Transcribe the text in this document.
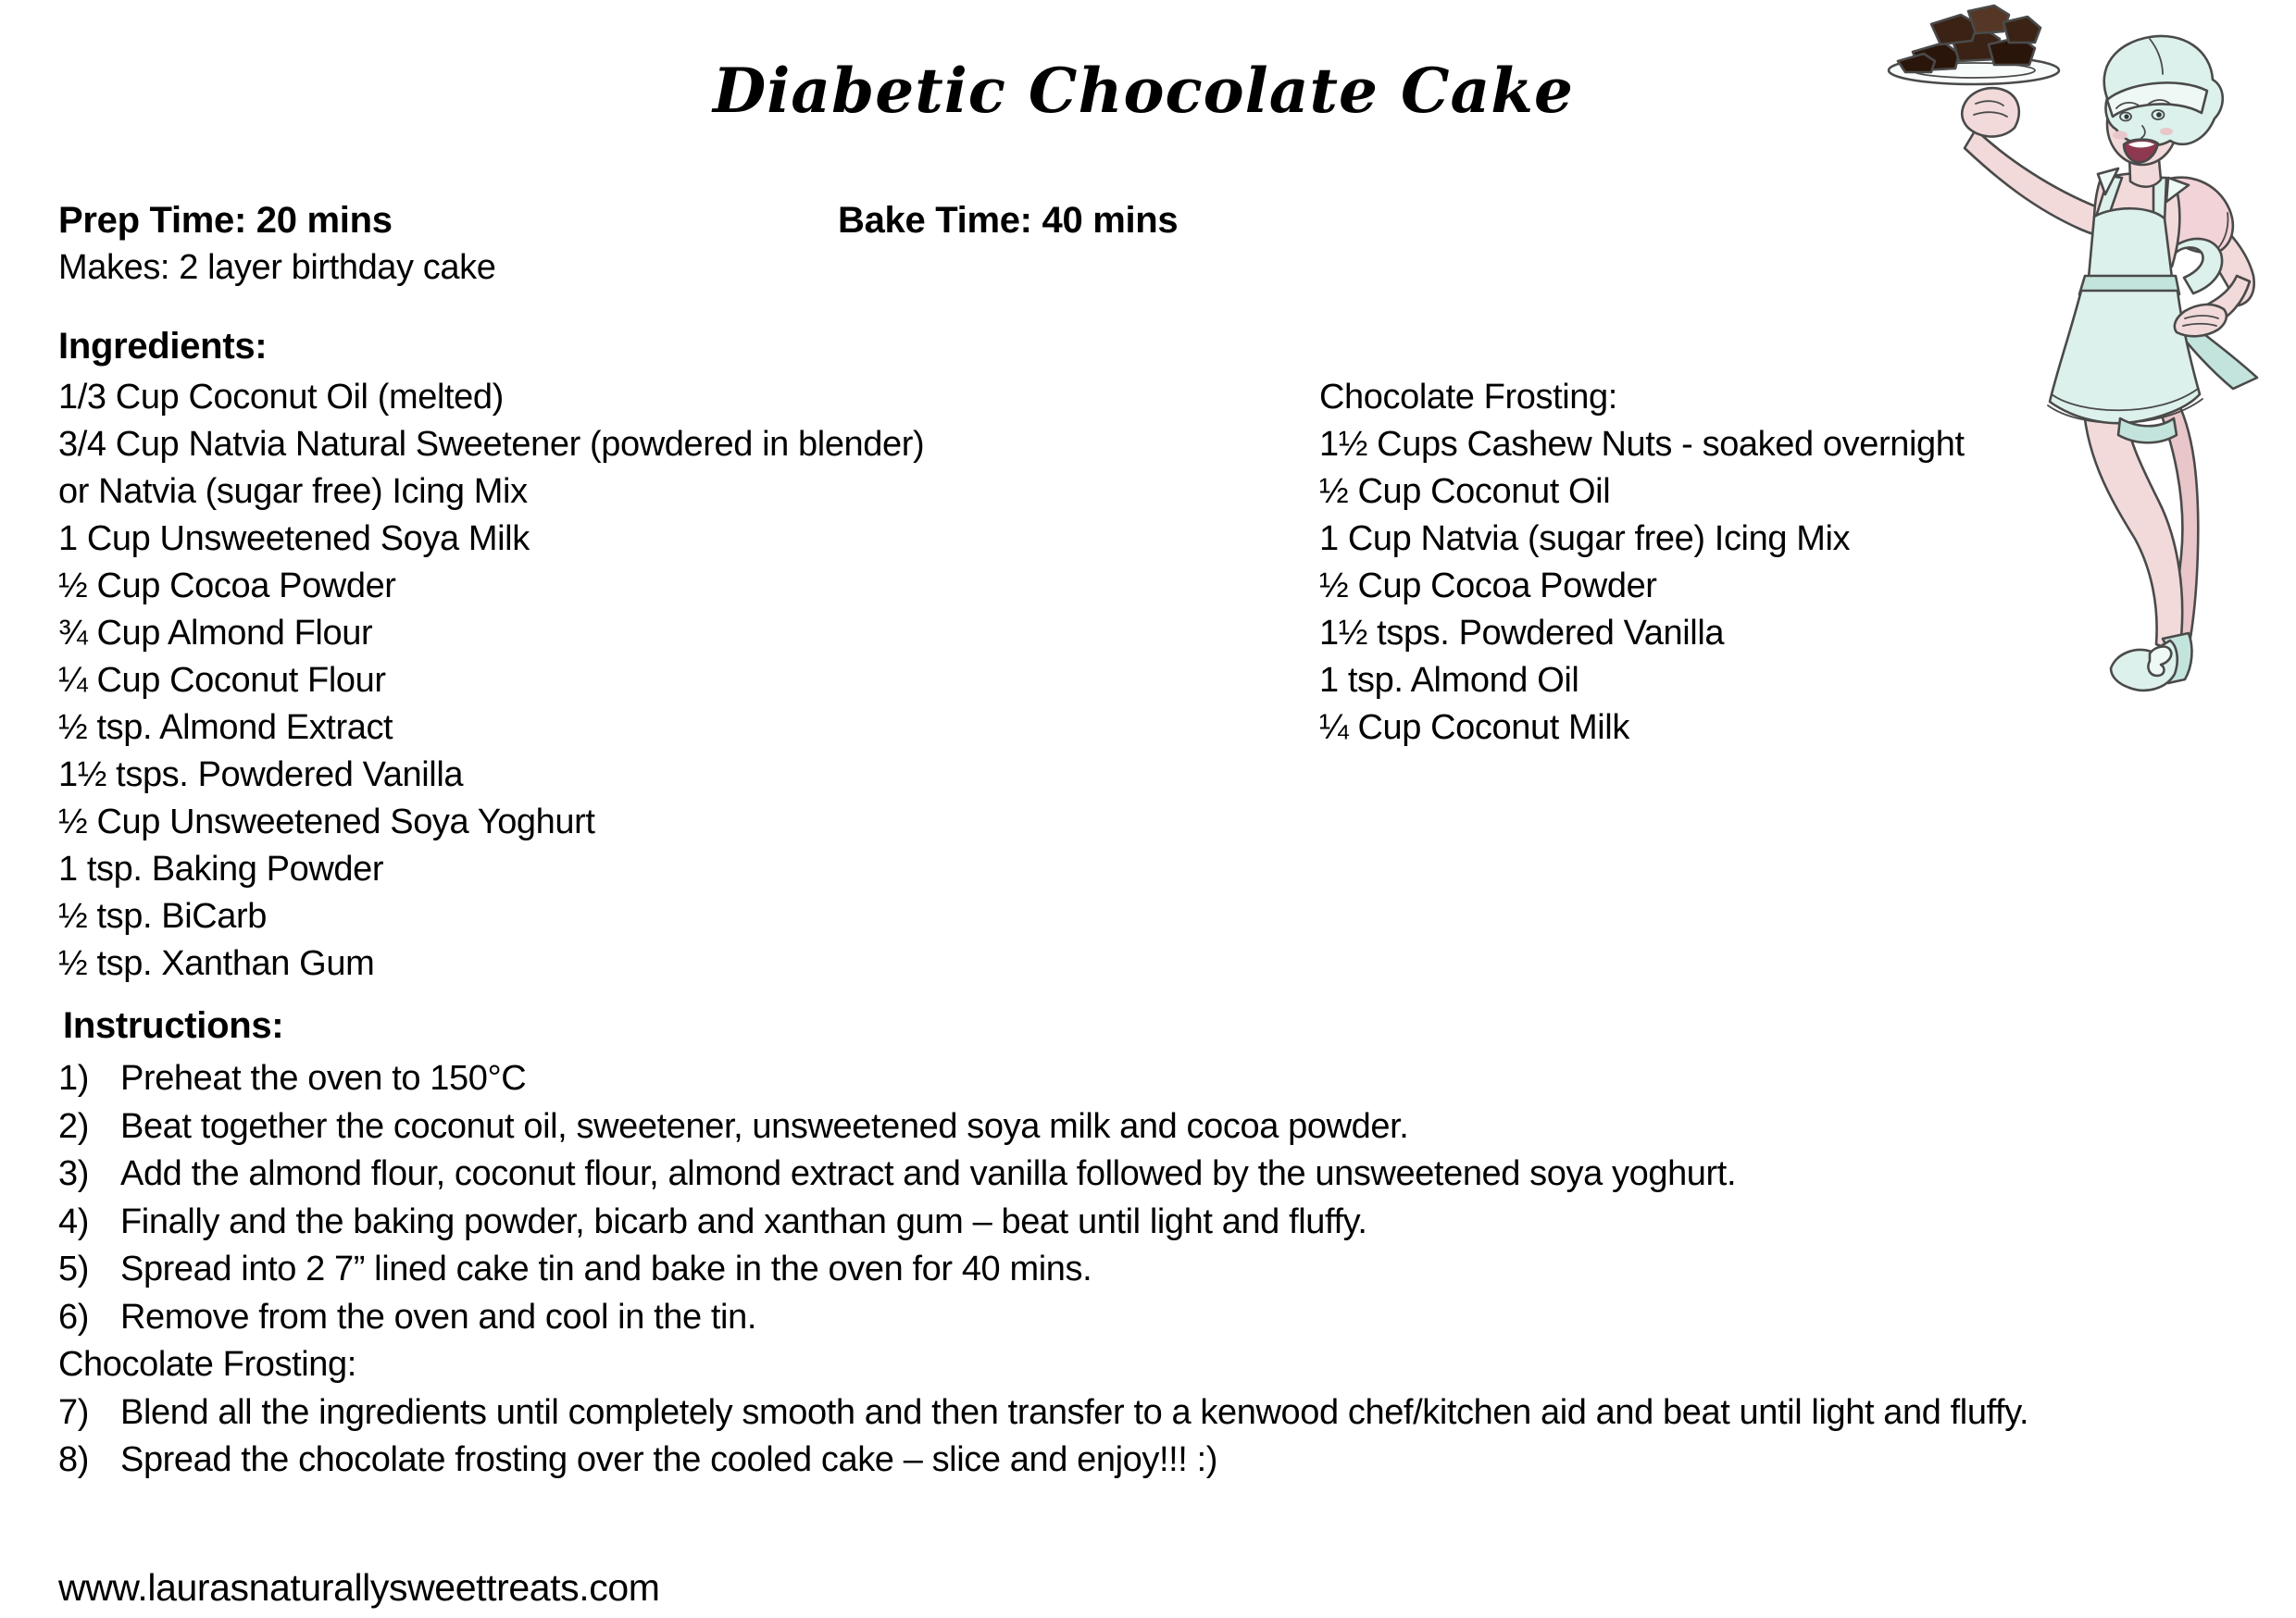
Diabetic Chocolate Cake
Prep Time: 20 mins	Bake Time: 40 mins
Makes: 2 layer birthday cake
Ingredients:

1/3 Cup Coconut Oil (melted)

3/4 Cup Natvia Natural Sweetener (powdered in blender)

or Natvia (sugar free) Icing Mix

1 Cup Unsweetened Soya Milk

½ Cup Cocoa Powder

¾ Cup Almond Flour

¼ Cup Coconut Flour

½ tsp. Almond Extract

1½ tsps. Powdered Vanilla

½ Cup Unsweetened Soya Yoghurt

1 tsp. Baking Powder

½ tsp. BiCarb

½ tsp. Xanthan Gum

Chocolate Frosting:

1½ Cups Cashew Nuts - soaked overnight

½ Cup Coconut Oil

1 Cup Natvia (sugar free) Icing Mix

½ Cup Cocoa Powder

1½ tsps. Powdered Vanilla

1 tsp. Almond Oil

¼ Cup Coconut Milk

Instructions:

1) Preheat the oven to 150°C

2) Beat together the coconut oil, sweetener, unsweetened soya milk and cocoa powder.

3) Add the almond flour, coconut flour, almond extract and vanilla followed by the unsweetened soya yoghurt.

4) Finally and the baking powder, bicarb and xanthan gum – beat until light and fluffy.

5) Spread into 2 7” lined cake tin and bake in the oven for 40 mins.

6) Remove from the oven and cool in the tin.

Chocolate Frosting:

7) Blend all the ingredients until completely smooth and then transfer to a kenwood chef/kitchen aid and beat until light and fluffy.

8) Spread the chocolate frosting over the cooled cake – slice and enjoy!!! :)

www.laurasnaturallysweettreats.com
